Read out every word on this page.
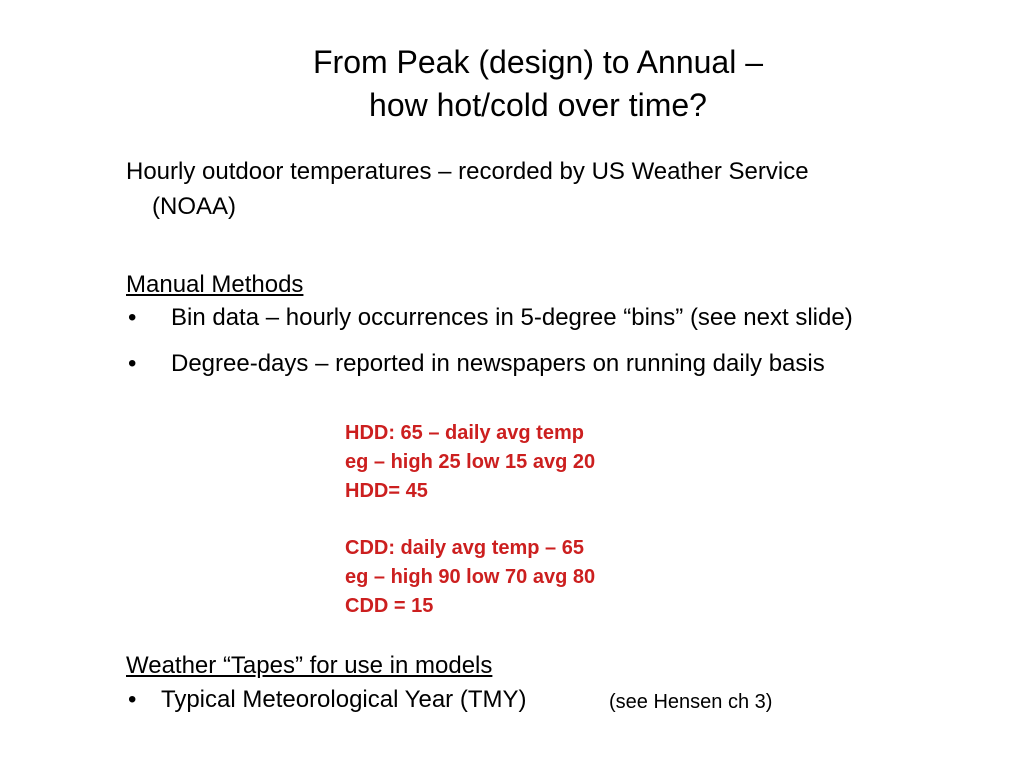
From Peak (design) to Annual –
how hot/cold over time?
Hourly outdoor temperatures – recorded by US Weather Service
(NOAA)
Manual Methods
• Bin data – hourly occurrences in 5-degree “bins” (see next slide)
• Degree-days – reported in newspapers on running daily basis
HDD: 65 – daily avg temp
eg – high 25 low 15 avg 20
HDD= 45
CDD: daily avg temp – 65
eg – high 90 low 70 avg 80
CDD = 15
Weather “Tapes” for use in models
• Typical Meteorological Year (TMY)	(see Hensen ch 3)
